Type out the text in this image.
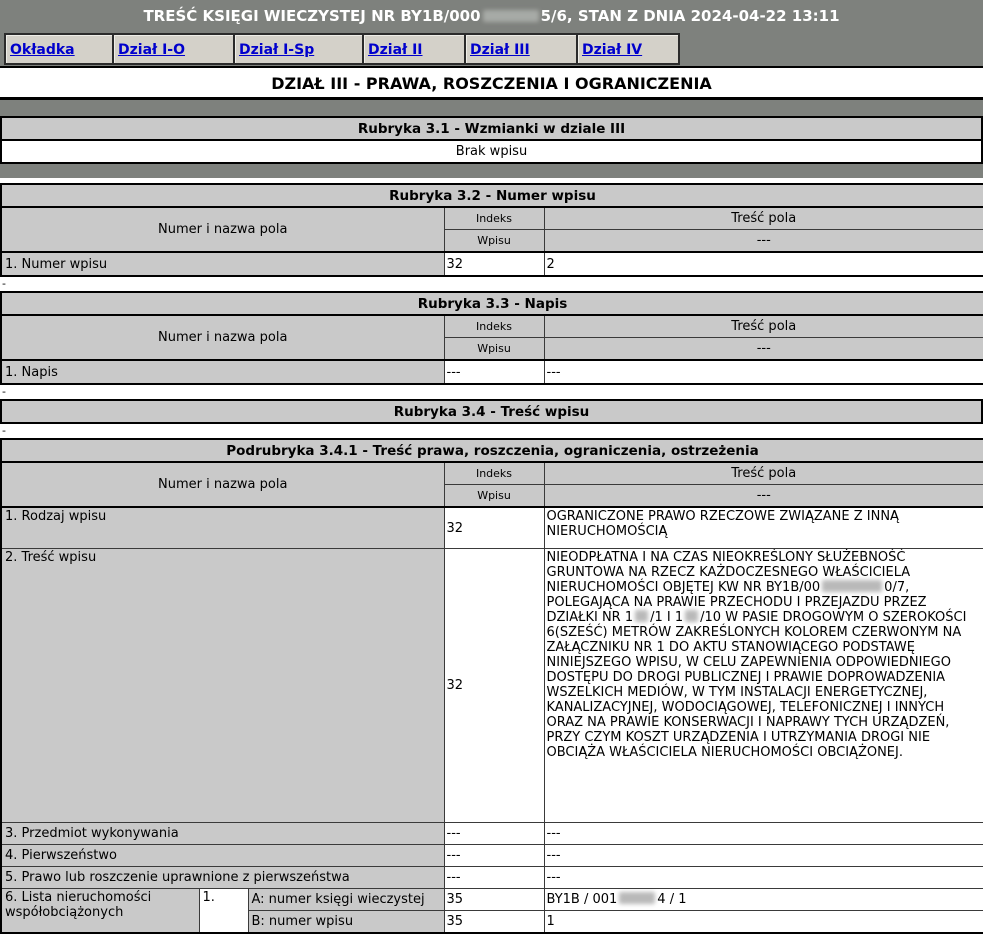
TREŚĆ KSIĘGI WIECZYSTEJ NR BY1B/000	5/6, STAN Z DNIA 2024-04-22 13:11
Okładka	Dział I-O	Dział I-Sp	Dział II	Dział III	Dział IV
DZIAŁ III - PRAWA, ROSZCZENIA I OGRANICZENIA
Rubryka 3.1 - Wzmianki w dziale III
Brak wpisu
Rubryka 3.2 - Numer wpisu		
Numer i nazwa pola	Indeks	Treść pola
	Wpisu	---
1. Numer wpisu	32	2
-
Rubryka 3.3 - Napis		
Numer i nazwa pola	Indeks	Treść pola
	Wpisu	---
1. Napis	---	---
-
Rubryka 3.4 - Treść wpisu
-
Podrubryka 3.4.1 - Treść prawa, roszczenia, ograniczenia, ostrzeżenia				
Numer i nazwa pola			Indeks	Treść pola
			Wpisu	---
1. Rodzaj wpisu			32	OGRANICZONE PRAWO RZECZOWE ZWIĄZANE Z INNĄ NIERUCHOMOŚCIĄ
2. Treść wpisu			32	NIEODPŁATNA I NA CZAS NIEOKREŚLONY SŁUŻEBNOŚĆ GRUNTOWA NA RZECZ KAŻDOCZESNEGO WŁAŚCICIELA NIERUCHOMOŚCI OBJĘTEJ KW NR BY1B/00 0/7, POLEGAJĄCA NA PRAWIE PRZECHODU I PRZEJAZDU PRZEZ DZIAŁKI NR 1 /1 I 1 /10 W PASIE DROGOWYM O SZEROKOŚCI 6(SZEŚĆ) METRÓW ZAKREŚLONYCH KOLOREM CZERWONYM NA ZAŁĄCZNIKU NR 1 DO AKTU STANOWIĄCEGO PODSTAWĘ NINIEJSZEGO WPISU, W CELU ZAPEWNIENIA ODPOWIEDNIEGO DOSTĘPU DO DROGI PUBLICZNEJ I PRAWIE DOPROWADZENIA WSZELKICH MEDIÓW, W TYM INSTALACJI ENERGETYCZNEJ, KANALIZACYJNEJ, WODOCIĄGOWEJ, TELEFONICZNEJ I INNYCH ORAZ NA PRAWIE KONSERWACJI I NAPRAWY TYCH URZĄDZEŃ, PRZY CZYM KOSZT URZĄDZENIA I UTRZYMANIA DROGI NIE OBCIĄŻA WŁAŚCICIELA NIERUCHOMOŚCI OBCIĄŻONEJ.
3. Przedmiot wykonywania			---	---
4. Pierwszeństwo			---	---
5. Prawo lub roszczenie uprawnione z pierwszeństwa			---	---
6. Lista nieruchomości współobciążonych	1.	A: numer księgi wieczystej	35	BY1B / 001 4 / 1
		B: numer wpisu	35	1
